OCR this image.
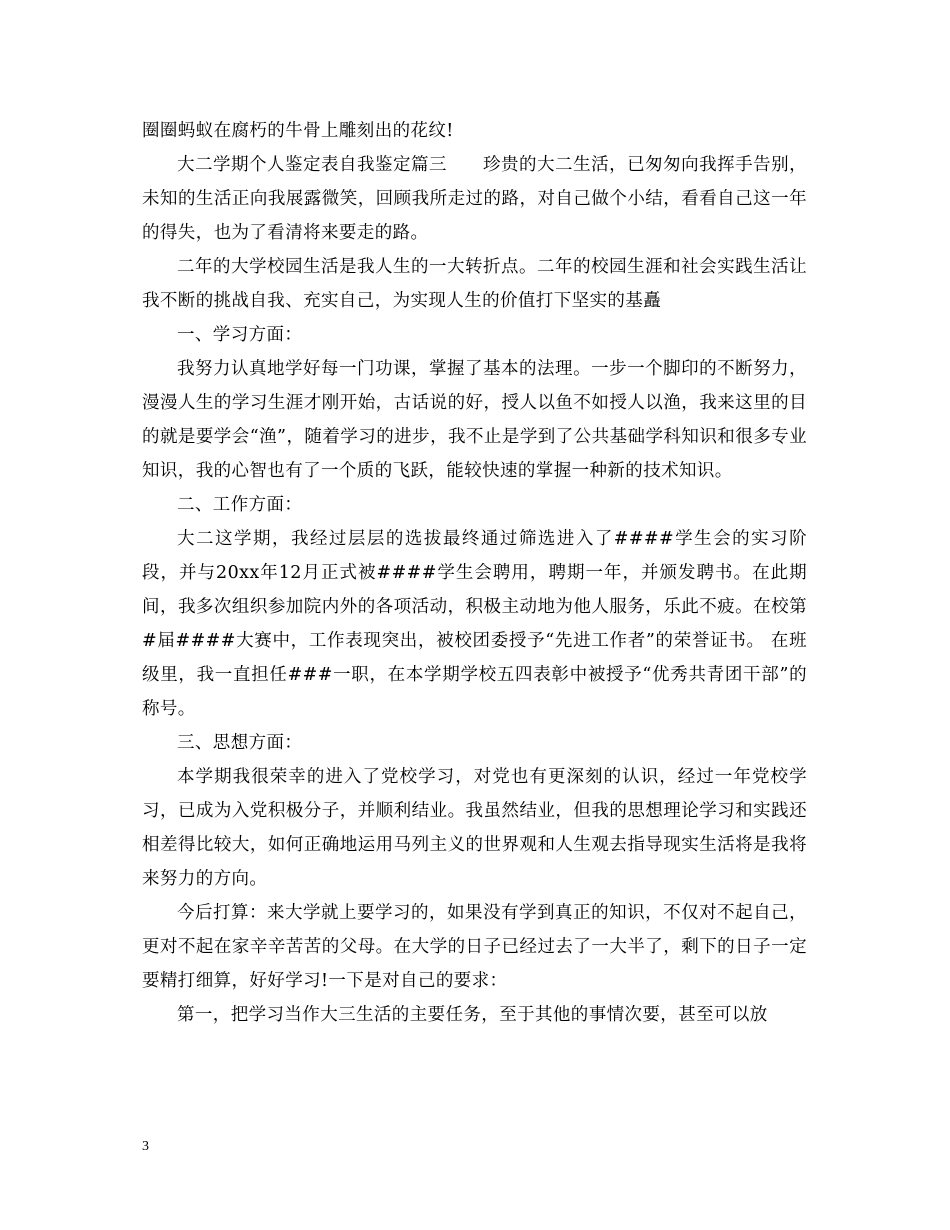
圈圈蚂蚁在腐朽的牛骨上雕刻出的花纹!

大二学期个人鉴定表自我鉴定篇三　　珍贵的大二生活，已匆匆向我挥手告别，未知的生活正向我展露微笑，回顾我所走过的路，对自己做个小结，看看自己这一年的得失，也为了看清将来要走的路。

二年的大学校园生活是我人生的一大转折点。二年的校园生涯和社会实践生活让我不断的挑战自我、充实自己，为实现人生的价值打下坚实的基矗

一、学习方面：

我努力认真地学好每一门功课，掌握了基本的法理。一步一个脚印的不断努力，漫漫人生的学习生涯才刚开始，古话说的好，授人以鱼不如授人以渔，我来这里的目的就是要学会“渔”，随着学习的进步，我不止是学到了公共基础学科知识和很多专业知识，我的心智也有了一个质的飞跃，能较快速的掌握一种新的技术知识。

二、工作方面：

大二这学期，我经过层层的选拔最终通过筛选进入了####学生会的实习阶段，并与20xx年12月正式被####学生会聘用，聘期一年，并颁发聘书。在此期间，我多次组织参加院内外的各项活动，积极主动地为他人服务，乐此不疲。在校第#届####大赛中，工作表现突出，被校团委授予“先进工作者”的荣誉证书。 在班级里，我一直担任###一职，在本学期学校五四表彰中被授予“优秀共青团干部”的称号。

三、思想方面：

本学期我很荣幸的进入了党校学习，对党也有更深刻的认识，经过一年党校学习，已成为入党积极分子，并顺利结业。我虽然结业，但我的思想理论学习和实践还相差得比较大，如何正确地运用马列主义的世界观和人生观去指导现实生活将是我将来努力的方向。

今后打算：来大学就上要学习的，如果没有学到真正的知识，不仅对不起自己，更对不起在家辛辛苦苦的父母。在大学的日子已经过去了一大半了，剩下的日子一定要精打细算，好好学习!一下是对自己的要求：

第一，把学习当作大三生活的主要任务，至于其他的事情次要，甚至可以放

3
